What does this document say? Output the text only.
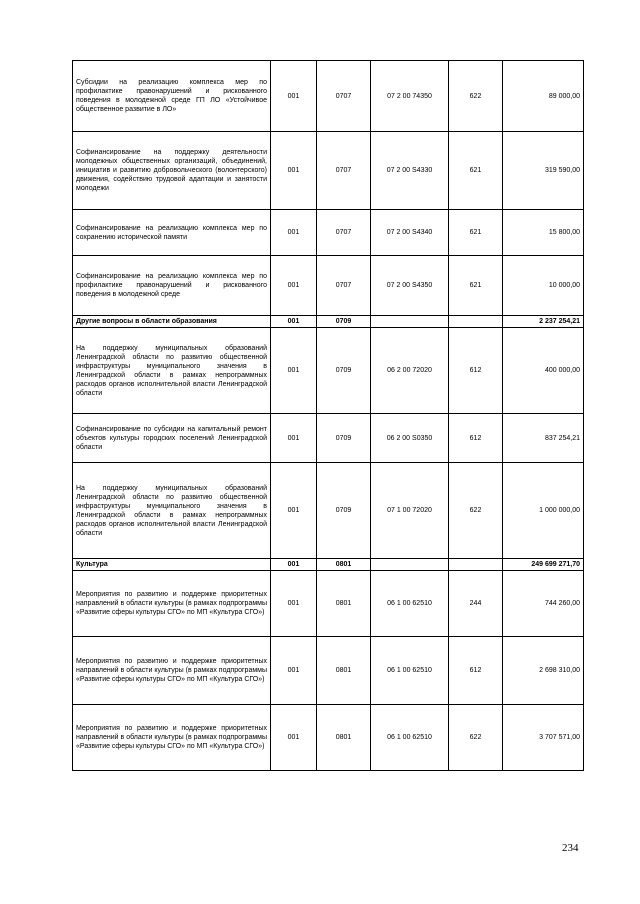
Субсидии на реализацию комплекса мер по профилактике правонарушений и рискованного поведения в молодежной среде ГП ЛО «Устойчивое общественное развитие в ЛО»	001	0707	07 2 00 74350	622	89 000,00
Софинансирование на поддержку деятельности молодежных общественных организаций, объединений, инициатив и развитию добровольческого (волонтерского) движения, содействию трудовой адаптации и занятости молодежи	001	0707	07 2 00 S4330	621	319 590,00
Софинансирование на реализацию комплекса мер по сохранению исторической памяти	001	0707	07 2 00 S4340	621	15 800,00
Софинансирование на реализацию комплекса мер по профилактике правонарушений и рискованного поведения в молодежной среде	001	0707	07 2 00 S4350	621	10 000,00
Другие вопросы в области образования	001	0709			2 237 254,21
На поддержку муниципальных образований Ленинградской области по развитию общественной инфраструктуры муниципального значения в Ленинградской области в рамках непрограммных расходов органов исполнительной власти Ленинградской области	001	0709	06 2 00 72020	612	400 000,00
Софинансирование по субсидии на капитальный ремонт объектов культуры городских поселений Ленинградской области	001	0709	06 2 00 S0350	612	837 254,21
На поддержку муниципальных образований Ленинградской области по развитию общественной инфраструктуры муниципального значения в Ленинградской области в рамках непрограммных расходов органов исполнительной власти Ленинградской области	001	0709	07 1 00 72020	622	1 000 000,00
Культура	001	0801			249 699 271,70
Мероприятия по развитию и поддержке приоритетных направлений в области культуры (в рамках подпрограммы «Развитие сферы культуры СГО» по МП «Культура СГО»)	001	0801	06 1 00 62510	244	744 260,00
Мероприятия по развитию и поддержке приоритетных направлений в области культуры (в рамках подпрограммы «Развитие сферы культуры СГО» по МП «Культура СГО»)	001	0801	06 1 00 62510	612	2 698 310,00
Мероприятия по развитию и поддержке приоритетных направлений в области культуры (в рамках подпрограммы «Развитие сферы культуры СГО» по МП «Культура СГО»)	001	0801	06 1 00 62510	622	3 707 571,00
234
